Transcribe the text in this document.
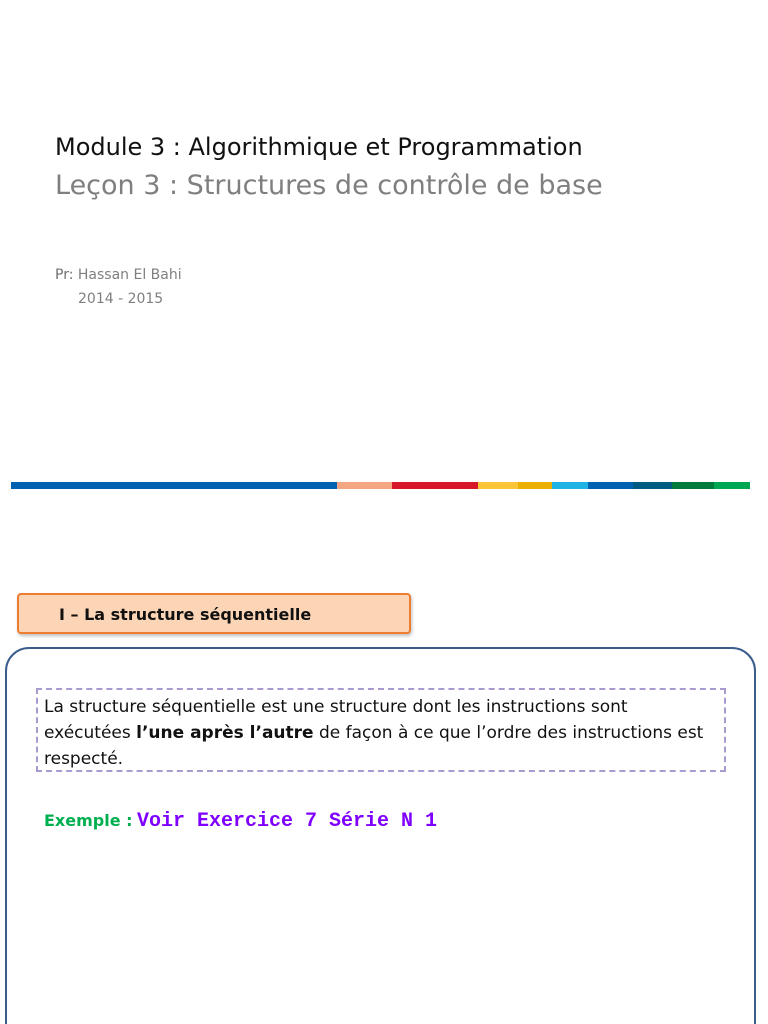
Module 3 : Algorithmique et Programmation

Leçon 3 : Structures de contrôle de base

Pr: Hassan El Bahi
2014 - 2015
I – La structure séquentielle
La structure séquentielle est une structure dont les instructions sont exécutées l’une après l’autre de façon à ce que l’ordre des instructions est respecté.
Exemple : Voir Exercice 7 Série N 1
